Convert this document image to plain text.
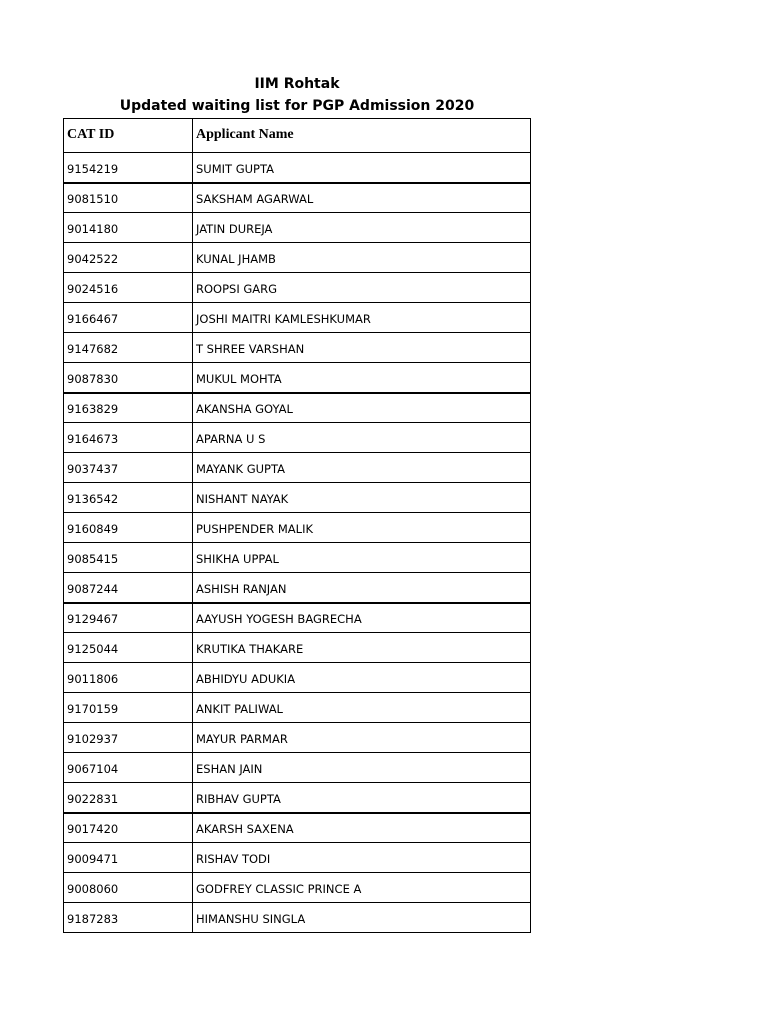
IIM Rohtak
Updated waiting list for PGP Admission 2020
CAT ID	Applicant Name
9154219	SUMIT GUPTA
9081510	SAKSHAM AGARWAL
9014180	JATIN DUREJA
9042522	KUNAL JHAMB
9024516	ROOPSI GARG
9166467	JOSHI MAITRI KAMLESHKUMAR
9147682	T SHREE VARSHAN
9087830	MUKUL MOHTA
9163829	AKANSHA GOYAL
9164673	APARNA U S
9037437	MAYANK GUPTA
9136542	NISHANT NAYAK
9160849	PUSHPENDER MALIK
9085415	SHIKHA UPPAL
9087244	ASHISH RANJAN
9129467	AAYUSH YOGESH BAGRECHA
9125044	KRUTIKA THAKARE
9011806	ABHIDYU ADUKIA
9170159	ANKIT PALIWAL
9102937	MAYUR PARMAR
9067104	ESHAN JAIN
9022831	RIBHAV GUPTA
9017420	AKARSH SAXENA
9009471	RISHAV TODI
9008060	GODFREY CLASSIC PRINCE A
9187283	HIMANSHU SINGLA
